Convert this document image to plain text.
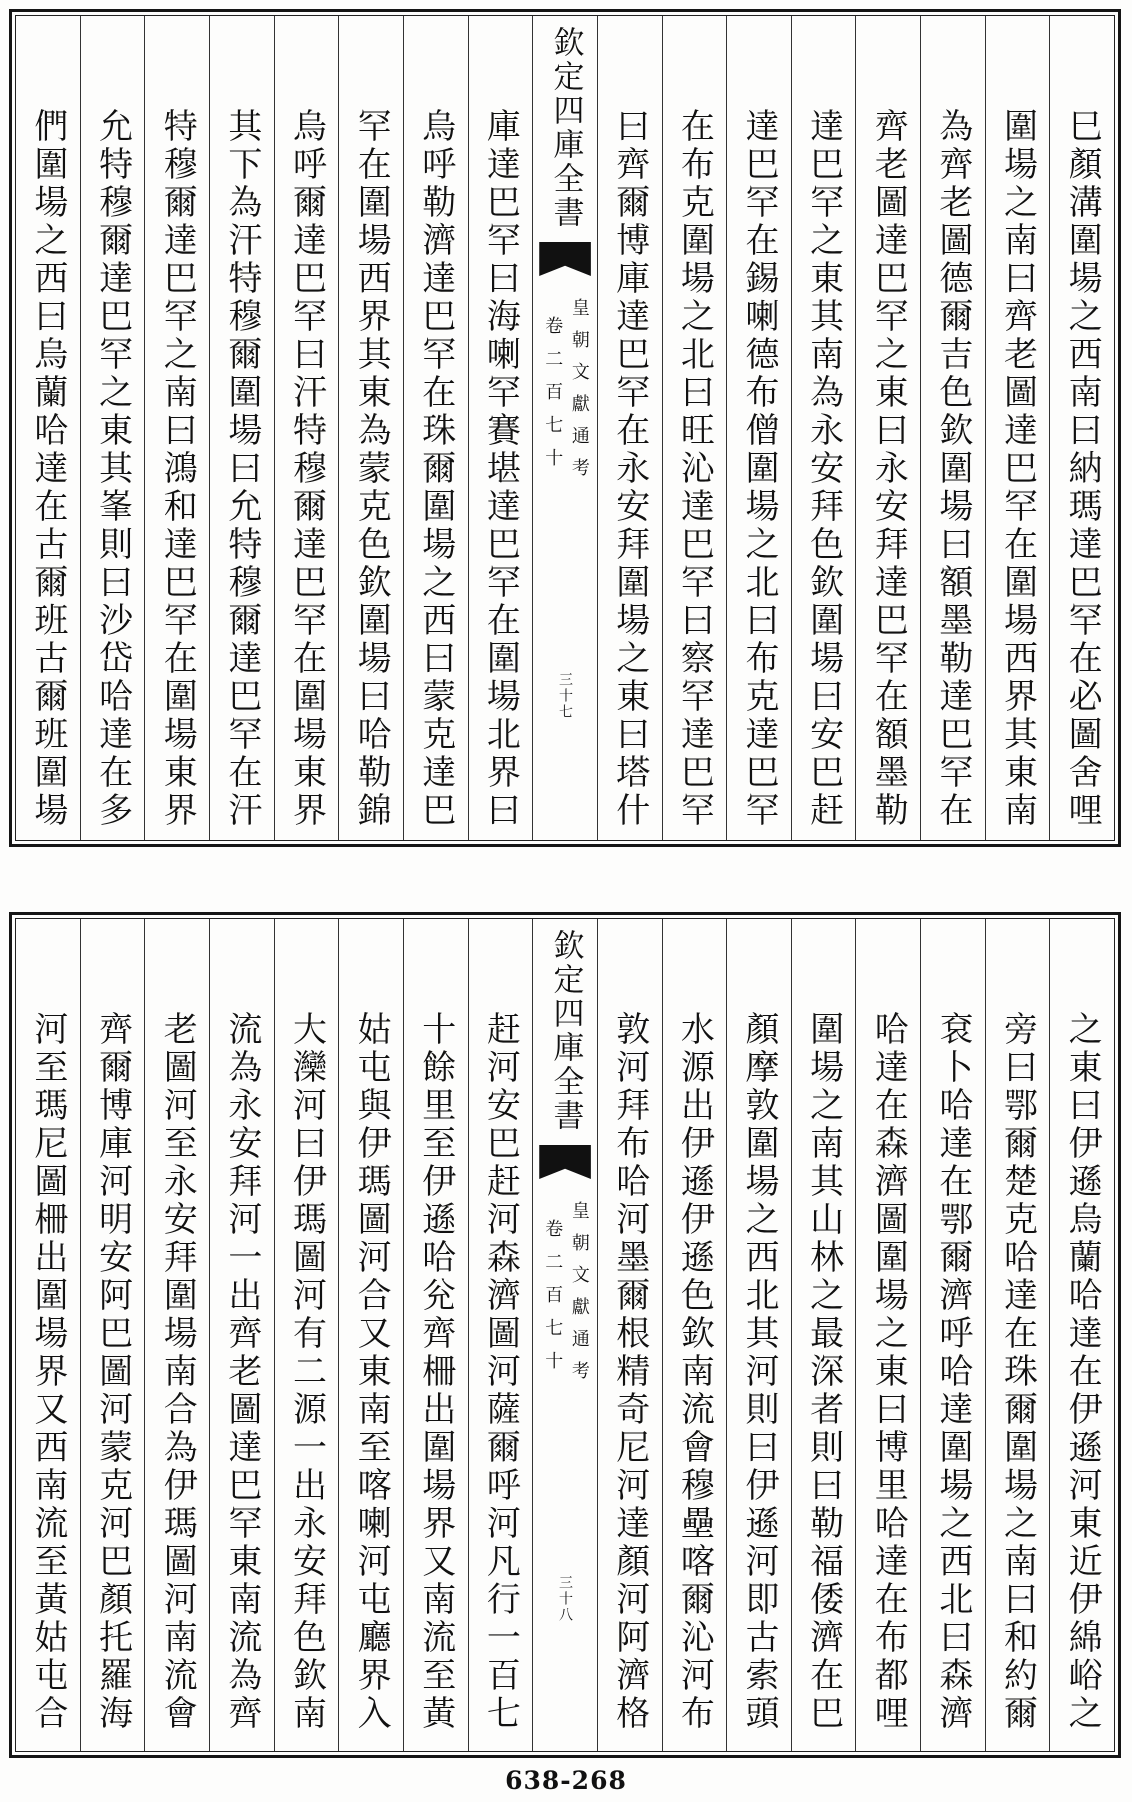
巳顏溝圍場之西南曰納瑪達巴罕在必圖舍哩
圍場之南曰齊老圖達巴罕在圍場西界其東南
為齊老圖德爾吉色欽圍場曰額墨勒達巴罕在
齊老圖達巴罕之東曰永安拜達巴罕在額墨勒
達巴罕之東其南為永安拜色欽圍場曰安巴赶
達巴罕在錫喇德布僧圍場之北曰布克達巴罕
在布克圍場之北曰旺沁達巴罕曰察罕達巴罕
曰齊爾博庫達巴罕在永安拜圍場之東曰塔什
欽定四庫全書
皇朝文獻通考
卷二百七十
三十七
庫達巴罕曰海喇罕賽堪達巴罕在圍場北界曰
烏呼勒濟達巴罕在珠爾圍場之西曰蒙克達巴
罕在圍場西界其東為蒙克色欽圍場曰哈勒錦
烏呼爾達巴罕曰汗特穆爾達巴罕在圍場東界
其下為汗特穆爾圍場曰允特穆爾達巴罕在汗
特穆爾達巴罕之南曰鴻和達巴罕在圍場東界
允特穆爾達巴罕之東其峯則曰沙岱哈達在多
們圍場之西曰烏蘭哈達在古爾班古爾班圍場
之東曰伊遜烏蘭哈達在伊遜河東近伊綿峪之
旁曰鄂爾楚克哈達在珠爾圍場之南曰和約爾
袞卜哈達在鄂爾濟呼哈達圍場之西北曰森濟
哈達在森濟圖圍場之東曰博里哈達在布都哩
圍場之南其山林之最深者則曰勒福倭濟在巴
顏摩敦圍場之西北其河則曰伊遜河即古索頭
水源出伊遜伊遜色欽南流會穆壘喀爾沁河布
敦河拜布哈河墨爾根精奇尼河達顏河阿濟格
欽定四庫全書
皇朝文獻通考
卷二百七十
三十八
赶河安巴赶河森濟圖河薩爾呼河凡行一百七
十餘里至伊遜哈兊齊柵出圍場界又南流至黃
姑屯與伊瑪圖河合又東南至喀喇河屯廳界入
大灤河曰伊瑪圖河有二源一出永安拜色欽南
流為永安拜河一出齊老圖達巴罕東南流為齊
老圖河至永安拜圍場南合為伊瑪圖河南流會
齊爾博庫河明安阿巴圖河蒙克河巴顏托羅海
河至瑪尼圖柵出圍場界又西南流至黃姑屯合
638-268
